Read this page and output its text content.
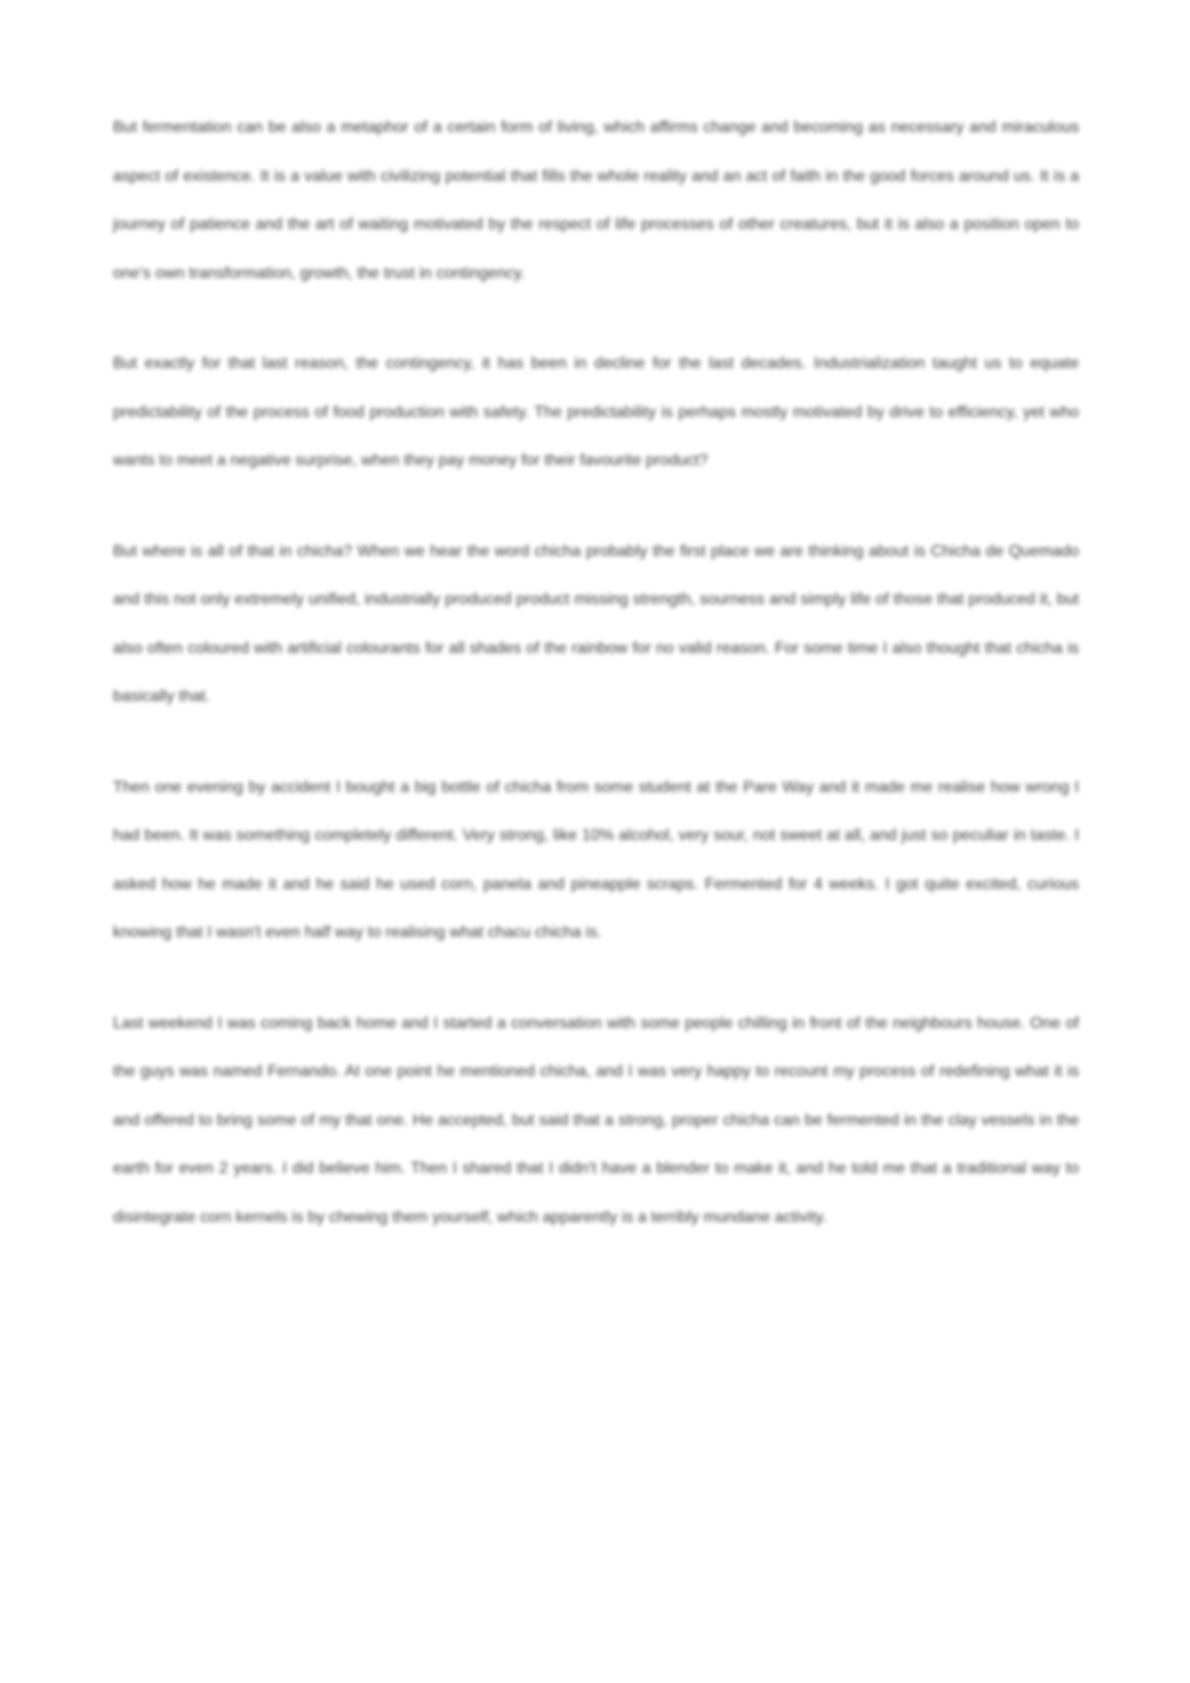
But fermentation can be also a metaphor of a certain form of living, which affirms change and becoming as necessary and miraculous aspect of existence. It is a value with civilizing potential that fills the whole reality and an act of faith in the good forces around us. It is a journey of patience and the art of waiting motivated by the respect of life processes of other creatures, but it is also a position open to one's own transformation, growth, the trust in contingency.

But exactly for that last reason, the contingency, it has been in decline for the last decades. Industrialization taught us to equate predictability of the process of food production with safety. The predictability is perhaps mostly motivated by drive to efficiency, yet who wants to meet a negative surprise, when they pay money for their favourite product?

But where is all of that in chicha? When we hear the word chicha probably the first place we are thinking about is Chicha de Quemado and this not only extremely unified, industrially produced product missing strength, sourness and simply life of those that produced it, but also often coloured with artificial colourants for all shades of the rainbow for no valid reason. For some time I also thought that chicha is basically that.

Then one evening by accident I bought a big bottle of chicha from some student at the Pare Way and it made me realise how wrong I had been. It was something completely different. Very strong, like 10% alcohol, very sour, not sweet at all, and just so peculiar in taste. I asked how he made it and he said he used corn, panela and pineapple scraps. Fermented for 4 weeks. I got quite excited, curious knowing that I wasn't even half way to realising what chacu chicha is.

Last weekend I was coming back home and I started a conversation with some people chilling in front of the neighbours house. One of the guys was named Fernando. At one point he mentioned chicha, and I was very happy to recount my process of redefining what it is and offered to bring some of my that one. He accepted, but said that a strong, proper chicha can be fermented in the clay vessels in the earth for even 2 years. I did believe him. Then I shared that I didn't have a blender to make it, and he told me that a traditional way to disintegrate corn kernels is by chewing them yourself, which apparently is a terribly mundane activity.
